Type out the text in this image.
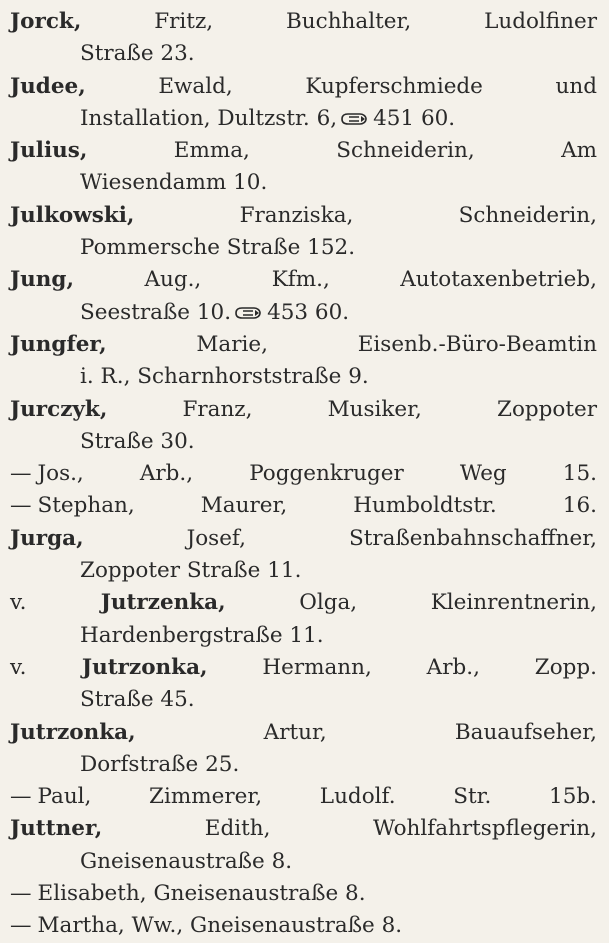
Jorck, Fritz, Buchhalter, Ludolfiner
Straße 23.
Judee, Ewald, Kupferschmiede und
Installation, Dultzstr. 6, 451 60.
Julius, Emma, Schneiderin, Am
Wiesendamm 10.
Julkowski, Franziska, Schneiderin,
Pommersche Straße 152.
Jung, Aug., Kfm., Autotaxenbetrieb,
Seestraße 10. 453 60.
Jungfer, Marie, Eisenb.-Büro-Beamtin
i. R., Scharnhorststraße 9.
Jurczyk, Franz, Musiker, Zoppoter
Straße 30.
— Jos., Arb., Poggenkruger Weg 15.
— Stephan, Maurer, Humboldtstr. 16.
Jurga, Josef, Straßenbahnschaffner,
Zoppoter Straße 11.
v. Jutrzenka, Olga, Kleinrentnerin,
Hardenbergstraße 11.
v. Jutrzonka, Hermann, Arb., Zopp.
Straße 45.
Jutrzonka, Artur, Bauaufseher,
Dorfstraße 25.
— Paul, Zimmerer, Ludolf. Str. 15b.
Juttner, Edith, Wohlfahrtspflegerin,
Gneisenaustraße 8.
— Elisabeth, Gneisenaustraße 8.
— Martha, Ww., Gneisenaustraße 8.
